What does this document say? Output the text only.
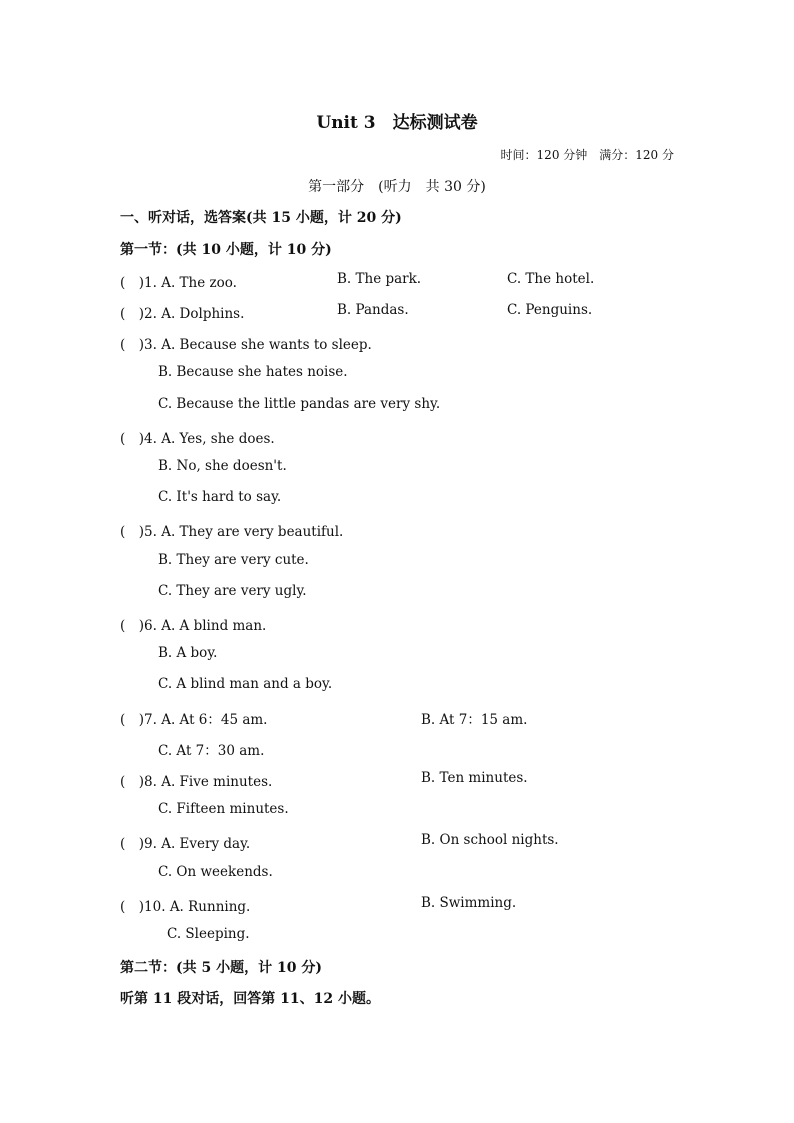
Unit 3　达标测试卷
时间：120 分钟　满分：120 分
第一部分　(听力　共 30 分)
一、听对话，选答案(共 15 小题，计 20 分)
第一节：(共 10 小题，计 10 分)
(　)1. A. The zoo.	B. The park.	C. The hotel.
(　)2. A. Dolphins.	B. Pandas.	C. Penguins.
(　)3. A. Because she wants to sleep.
B. Because she hates noise.
C. Because the little pandas are very shy.
(　)4. A. Yes, she does.
B. No, she doesn't.
C. It's hard to say.
(　)5. A. They are very beautiful.
B. They are very cute.
C. They are very ugly.
(　)6. A. A blind man.
B. A boy.
C. A blind man and a boy.
(　)7. A. At 6：45 am.	B. At 7：15 am.
C. At 7：30 am.
(　)8. A. Five minutes.	B. Ten minutes.
C. Fifteen minutes.
(　)9. A. Every day.	B. On school nights.
C. On weekends.
(　)10. A. Running.	B. Swimming.
C. Sleeping.
第二节：(共 5 小题，计 10 分)
听第 11 段对话，回答第 11、12 小题。
